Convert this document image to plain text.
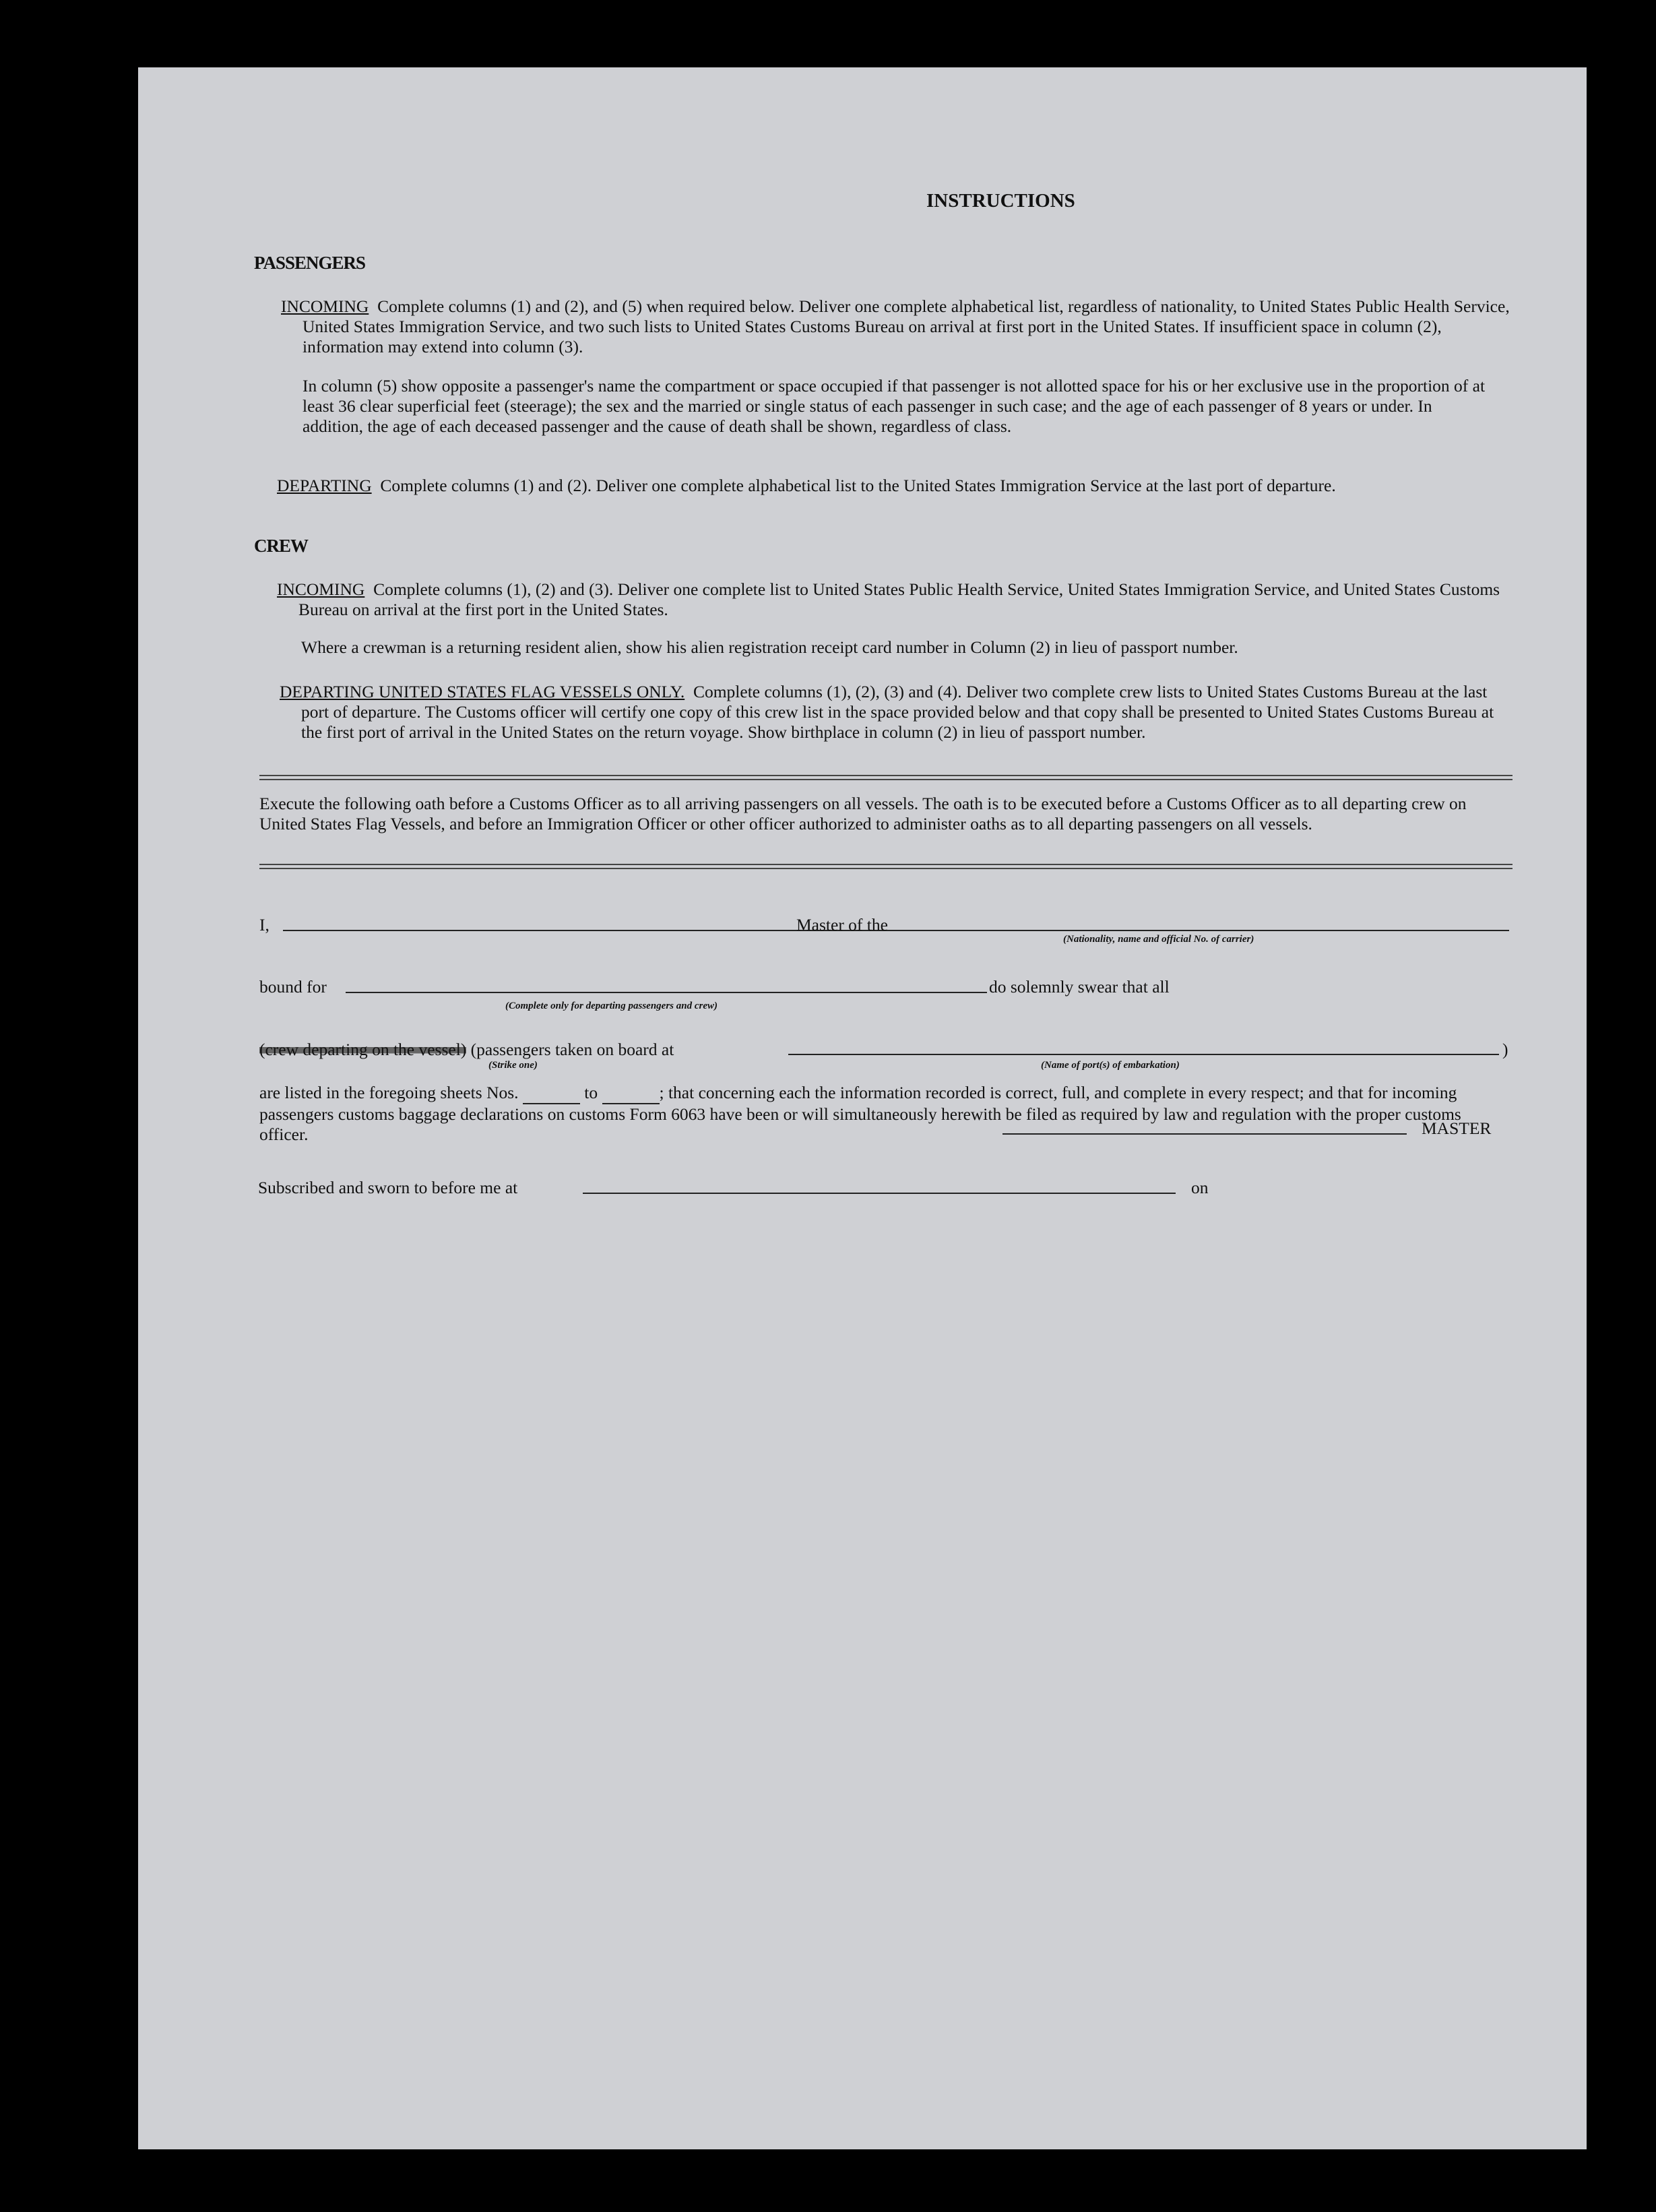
INSTRUCTIONS
PASSENGERS
INCOMING Complete columns (1) and (2), and (5) when required below. Deliver one complete alphabetical list, regardless of nationality, to United States Public Health Service, United States Immigration Service, and two such lists to United States Customs Bureau on arrival at first port in the United States. If insufficient space in column (2), information may extend into column (3).
In column (5) show opposite a passenger's name the compartment or space occupied if that passenger is not allotted space for his or her exclusive use in the proportion of at least 36 clear superficial feet (steerage); the sex and the married or single status of each passenger in such case; and the age of each passenger of 8 years or under. In addition, the age of each deceased passenger and the cause of death shall be shown, regardless of class.
DEPARTING Complete columns (1) and (2). Deliver one complete alphabetical list to the United States Immigration Service at the last port of departure.
CREW
INCOMING Complete columns (1), (2) and (3). Deliver one complete list to United States Public Health Service, United States Immigration Service, and United States Customs Bureau on arrival at the first port in the United States.
Where a crewman is a returning resident alien, show his alien registration receipt card number in Column (2) in lieu of passport number.
DEPARTING UNITED STATES FLAG VESSELS ONLY. Complete columns (1), (2), (3) and (4). Deliver two complete crew lists to United States Customs Bureau at the last port of departure. The Customs officer will certify one copy of this crew list in the space provided below and that copy shall be presented to United States Customs Bureau at the first port of arrival in the United States on the return voyage. Show birthplace in column (2) in lieu of passport number.
Execute the following oath before a Customs Officer as to all arriving passengers on all vessels. The oath is to be executed before a Customs Officer as to all departing crew on United States Flag Vessels, and before an Immigration Officer or other officer authorized to administer oaths as to all departing passengers on all vessels.
I,	Master of the
(Nationality, name and official No. of carrier)
bound for	do solemnly swear that all
(Complete only for departing passengers and crew)
(crew departing on the vessel) (passengers taken on board at	)
(Strike one)	(Name of port(s) of embarkation)
are listed in the foregoing sheets Nos.	to	; that concerning each the information recorded is correct, full, and complete in every respect; and that for incoming passengers customs baggage declarations on customs Form 6063 have been or will simultaneously herewith be filed as required by law and regulation with the proper customs officer.	MASTER
Subscribed and sworn to before me at	on
